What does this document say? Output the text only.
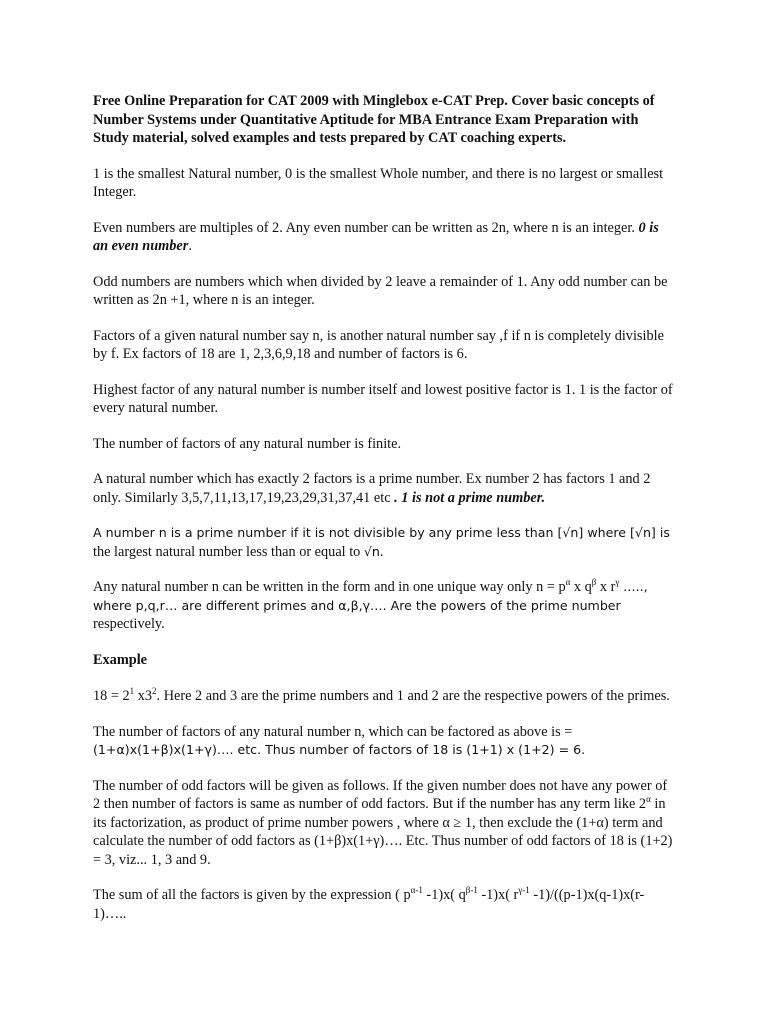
Free Online Preparation for CAT 2009 with Minglebox e-CAT Prep. Cover basic concepts of Number Systems under Quantitative Aptitude for MBA Entrance Exam Preparation with Study material, solved examples and tests prepared by CAT coaching experts.

1 is the smallest Natural number, 0 is the smallest Whole number, and there is no largest or smallest Integer.

Even numbers are multiples of 2. Any even number can be written as 2n, where n is an integer. 0 is an even number.

Odd numbers are numbers which when divided by 2 leave a remainder of 1. Any odd number can be written as 2n +1, where n is an integer.

Factors of a given natural number say n, is another natural number say ,f if n is completely divisible by f. Ex factors of 18 are 1, 2,3,6,9,18 and number of factors is 6.

Highest factor of any natural number is number itself and lowest positive factor is 1. 1 is the factor of every natural number.

The number of factors of any natural number is finite.

A natural number which has exactly 2 factors is a prime number. Ex number 2 has factors 1 and 2 only. Similarly 3,5,7,11,13,17,19,23,29,31,37,41 etc . 1 is not a prime number.

A number n is a prime number if it is not divisible by any prime less than [√n] where [√n] is
the largest natural number less than or equal to √n.

Any natural number n can be written in the form and in one unique way only $n = p^\alpha$ x $q^\beta$ x $r^\gamma$ ….., where p,q,r… are different primes and α,β,γ…. Are the powers of the prime number
respectively.

Example

$18 = 2^1$ $x3^2$. Here 2 and 3 are the prime numbers and 1 and 2 are the respective powers of the primes.

The number of factors of any natural number n, which can be factored as above is =
(1+α)x(1+β)x(1+γ)…. etc. Thus number of factors of 18 is (1+1) x (1+2) = 6.

The number of odd factors will be given as follows. If the given number does not have any power of 2 then number of factors is same as number of odd factors. But if the number has any term like $2^\alpha$ in its factorization, as product of prime number powers , where α ≥ 1, then exclude the (1+α) term and calculate the number of odd factors as (1+β)x(1+γ)…. Etc. Thus number of odd factors of 18 is (1+2) = 3, viz... 1, 3 and 9.

The sum of all the factors is given by the expression ( $p^{\alpha-1}$ -1)x( $q^{\beta-1}$ -1)x( $r^{\gamma-1}$ -1)/((p-1)x(q-1)x(r-1)…..
